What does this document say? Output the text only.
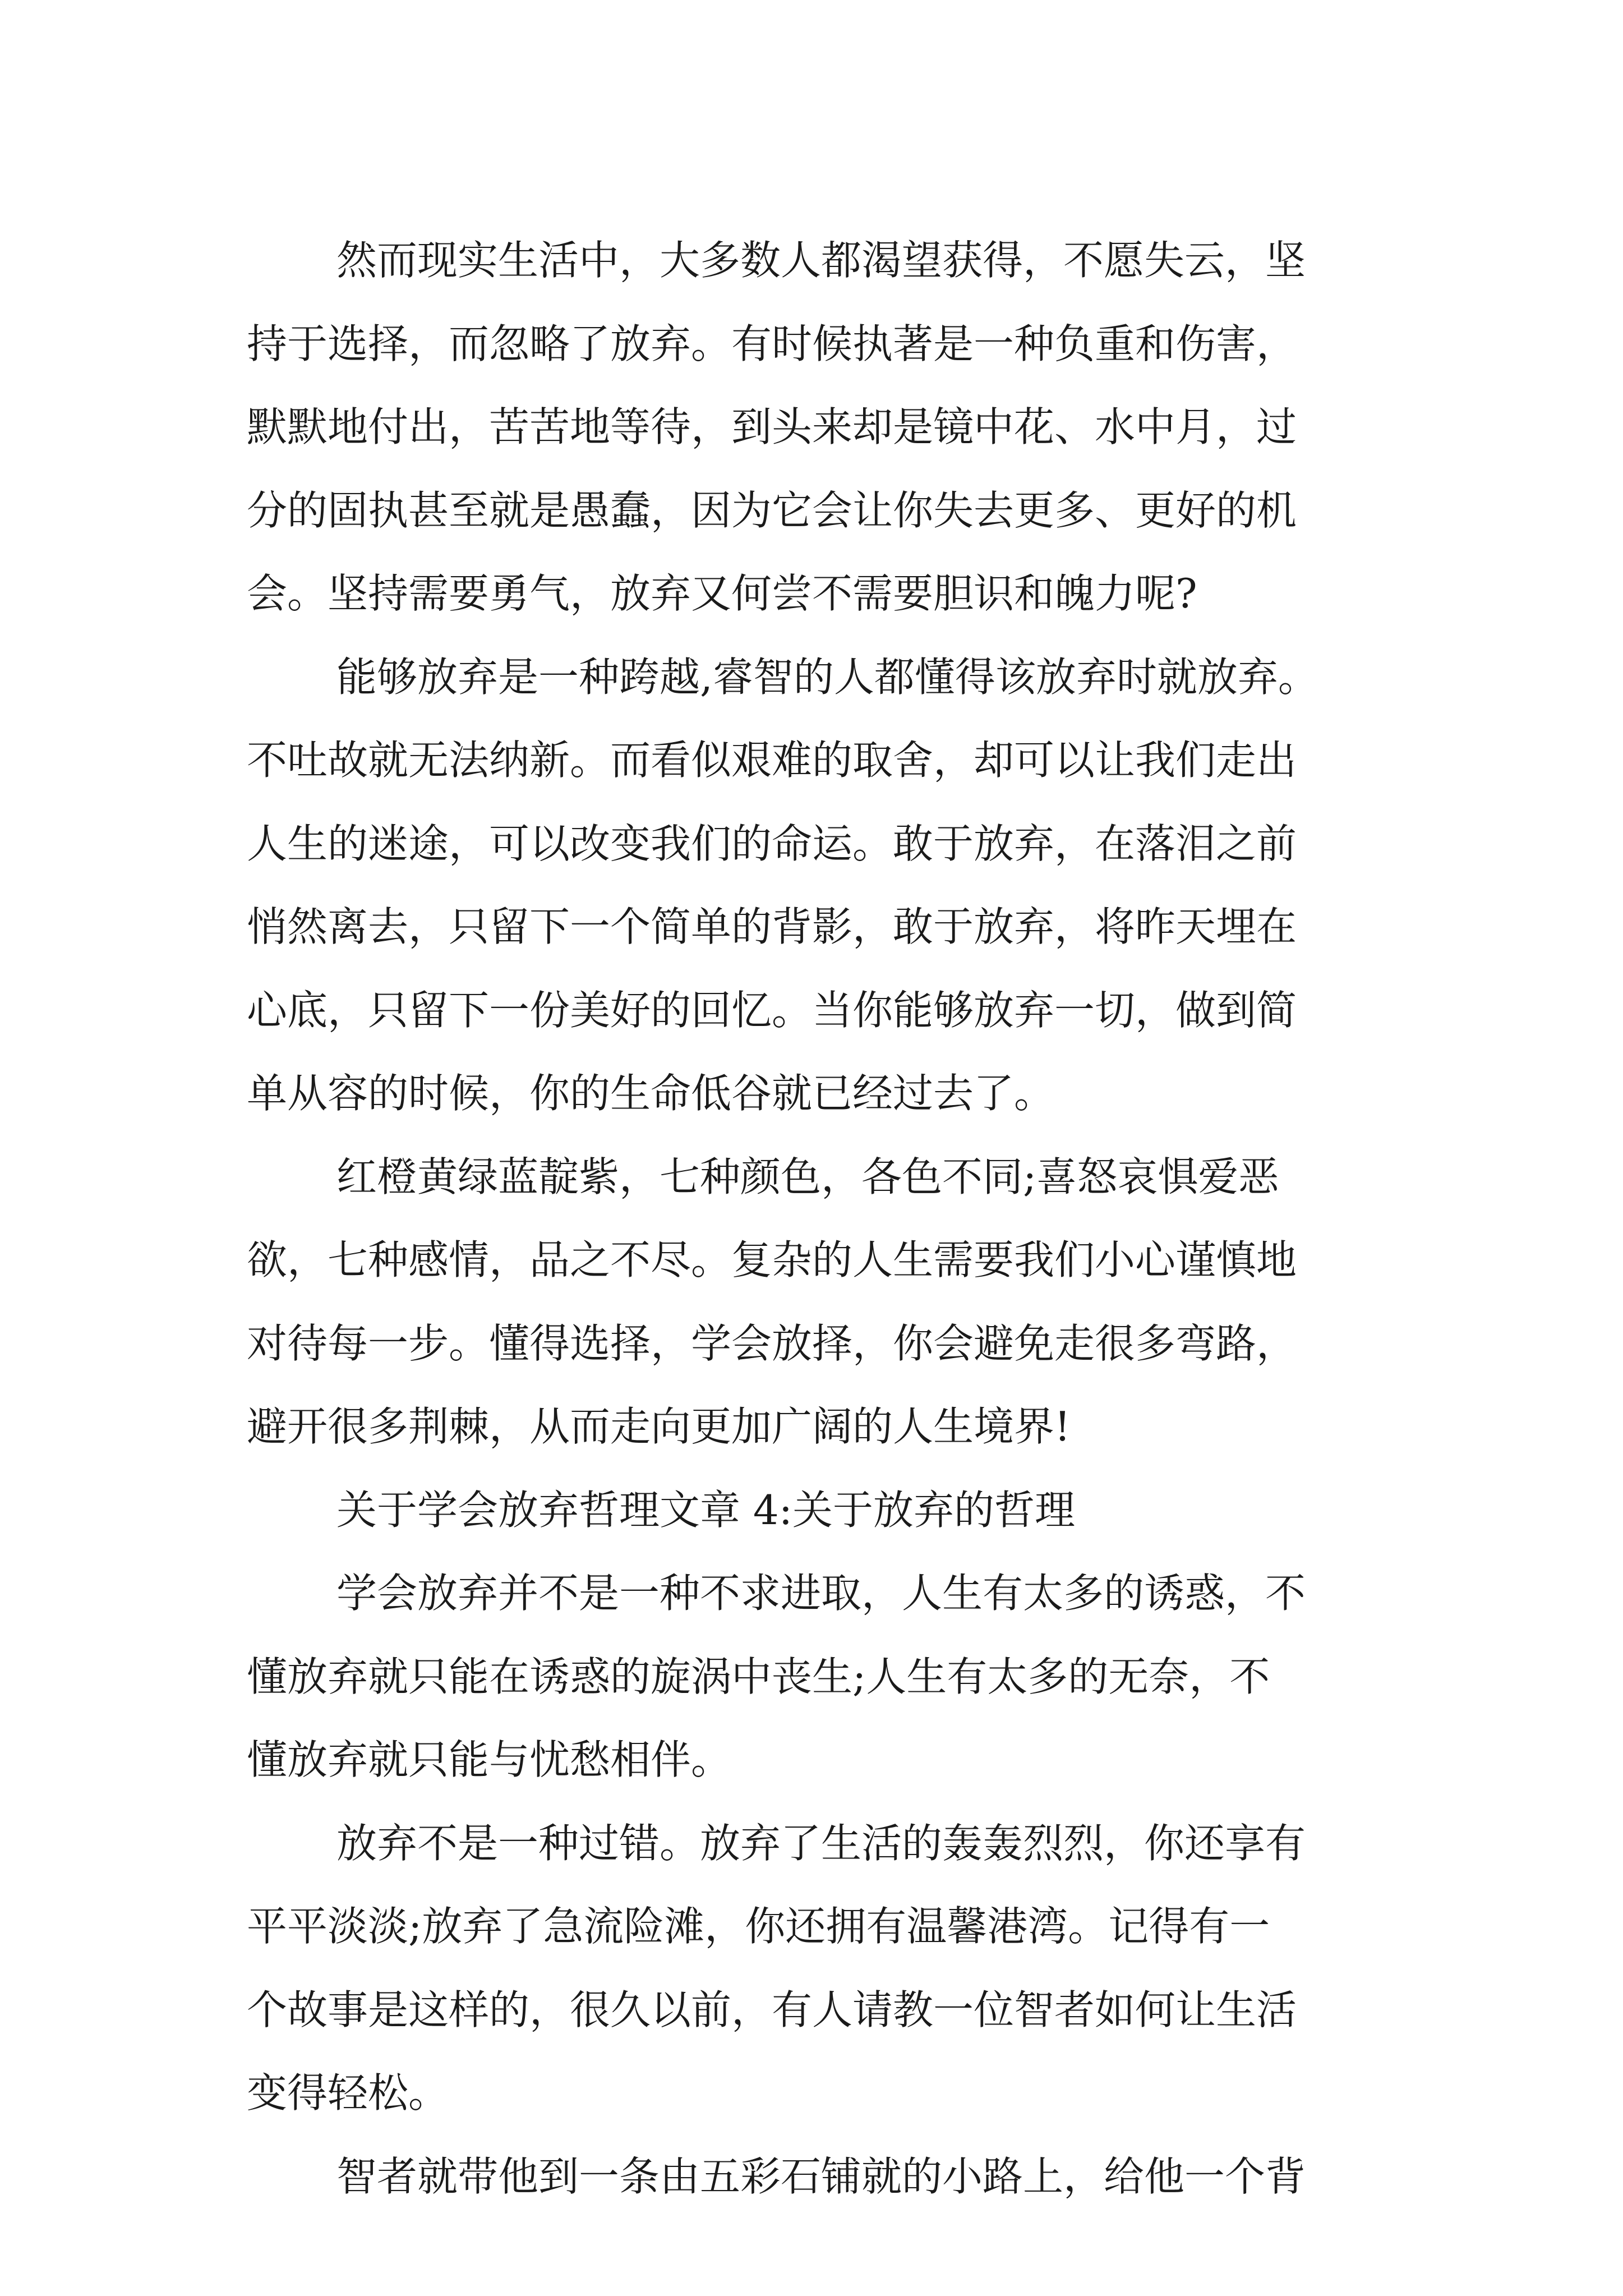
然而现实生活中，大多数人都渴望获得，不愿失云，坚
持于选择，而忽略了放弃。有时候执著是一种负重和伤害，
默默地付出，苦苦地等待，到头来却是镜中花、水中月，过
分的固执甚至就是愚蠢，因为它会让你失去更多、更好的机
会。坚持需要勇气，放弃又何尝不需要胆识和魄力呢?
能够放弃是一种跨越,睿智的人都懂得该放弃时就放弃。
不吐故就无法纳新。而看似艰难的取舍，却可以让我们走出
人生的迷途，可以改变我们的命运。敢于放弃，在落泪之前
悄然离去，只留下一个简单的背影，敢于放弃，将昨天埋在
心底，只留下一份美好的回忆。当你能够放弃一切，做到简
单从容的时候，你的生命低谷就已经过去了。
红橙黄绿蓝靛紫，七种颜色，各色不同;喜怒哀惧爱恶
欲，七种感情，品之不尽。复杂的人生需要我们小心谨慎地
对待每一步。懂得选择，学会放择，你会避免走很多弯路，
避开很多荆棘，从而走向更加广阔的人生境界!
关于学会放弃哲理文章 4:关于放弃的哲理
学会放弃并不是一种不求进取，人生有太多的诱惑，不
懂放弃就只能在诱惑的旋涡中丧生;人生有太多的无奈，不
懂放弃就只能与忧愁相伴。
放弃不是一种过错。放弃了生活的轰轰烈烈，你还享有
平平淡淡;放弃了急流险滩，你还拥有温馨港湾。记得有一
个故事是这样的，很久以前，有人请教一位智者如何让生活
变得轻松。
智者就带他到一条由五彩石铺就的小路上，给他一个背
